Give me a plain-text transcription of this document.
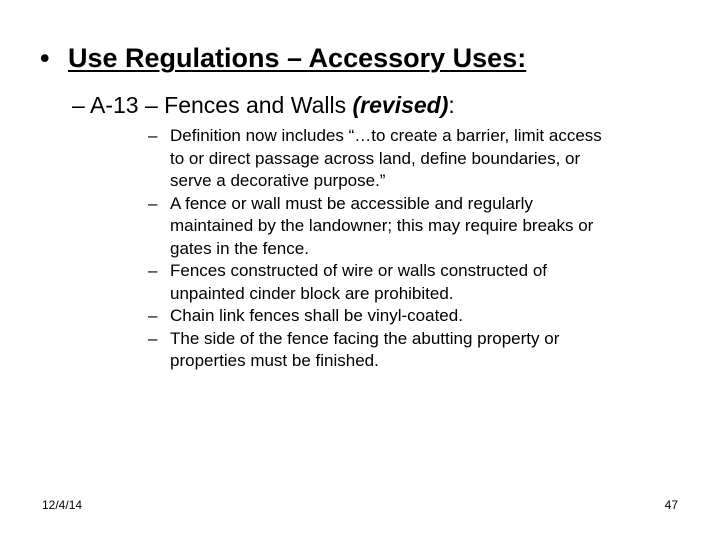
• Use Regulations – Accessory Uses:
– A-13 – Fences and Walls (revised):
– Definition now includes “…to create a barrier, limit access
to or direct passage across land, define boundaries, or
serve a decorative purpose.”
– A fence or wall must be accessible and regularly
maintained by the landowner; this may require breaks or
gates in the fence.
– Fences constructed of wire or walls constructed of
unpainted cinder block are prohibited.
– Chain link fences shall be vinyl-coated.
– The side of the fence facing the abutting property or
properties must be finished.
12/4/14	47
